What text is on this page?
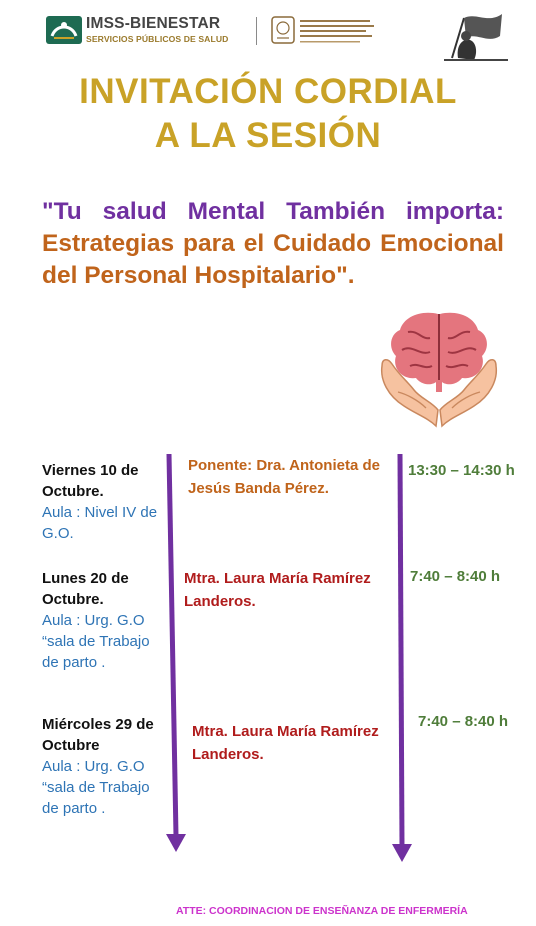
IMSS-BIENESTAR
SERVICIOS PÚBLICOS DE SALUD
INVITACIÓN CORDIAL
A LA SESIÓN
"Tu salud Mental También importa: Estrategias para el Cuidado Emocional del Personal Hospitalario".
Viernes 10 de Octubre.
Aula : Nivel IV de G.O.
Ponente: Dra. Antonieta de Jesús Banda Pérez.
13:30 – 14:30 h
Lunes 20 de Octubre.
Aula : Urg. G.O “sala de Trabajo de parto .
Mtra. Laura María Ramírez Landeros.
7:40 – 8:40 h
Miércoles 29 de Octubre
Aula : Urg. G.O “sala de Trabajo de parto .
Mtra. Laura María Ramírez Landeros.
7:40 – 8:40 h
ATTE: COORDINACION DE ENSEÑANZA DE ENFERMERÍA
